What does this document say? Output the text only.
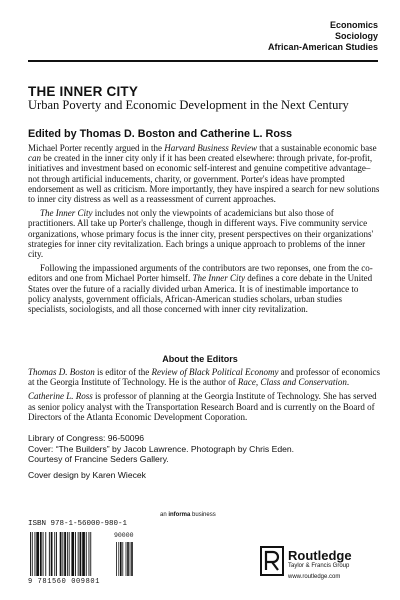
Economics
Sociology
African-American Studies
THE INNER CITY
Urban Poverty and Economic Development in the Next Century
Edited by Thomas D. Boston and Catherine L. Ross

Michael Porter recently argued in the Harvard Business Review that a sustainable economic base can be created in the inner city only if it has been created elsewhere: through private, for-profit, initiatives and investment based on economic self-interest and genuine competitive advantage–not through artificial inducements, charity, or government. Porter's ideas have prompted endorsement as well as criticism. More importantly, they have inspired a search for new solutions to inner city distress as well as a reassessment of current approaches.

The Inner City includes not only the viewpoints of academicians but also those of practitioners. All take up Porter's challenge, though in different ways. Five community service organizations, whose primary focus is the inner city, present perspectives on their organizations' strategies for inner city revitalization. Each brings a unique approach to problems of the inner city.

Following the impassioned arguments of the contributors are two reponses, one from the co-editors and one from Michael Porter himself. The Inner City defines a core debate in the United States over the future of a racially divided urban America. It is of inestimable importance to policy analysts, government officials, African-American studies scholars, urban studies specialists, sociologists, and all those concerned with inner city revitalization.

About the Editors

Thomas D. Boston is editor of the Review of Black Political Economy and professor of economics at the Georgia Institute of Technology. He is the author of Race, Class and Conservation.

Catherine L. Ross is professor of planning at the Georgia Institute of Technology. She has served as senior policy analyst with the Transportation Research Board and is currently on the Board of Directors of the Atlanta Economic Development Coporation.

Library of Congress: 96-50096
Cover: “The Builders” by Jacob Lawrence. Photograph by Chris Eden.
Courtesy of Francine Seders Gallery.
Cover design by Karen Wiecek
an informa business
ISBN 978-1-56000-980-1
9 781560 009801
90000
Routledge
Taylor & Francis Group
www.routledge.com
